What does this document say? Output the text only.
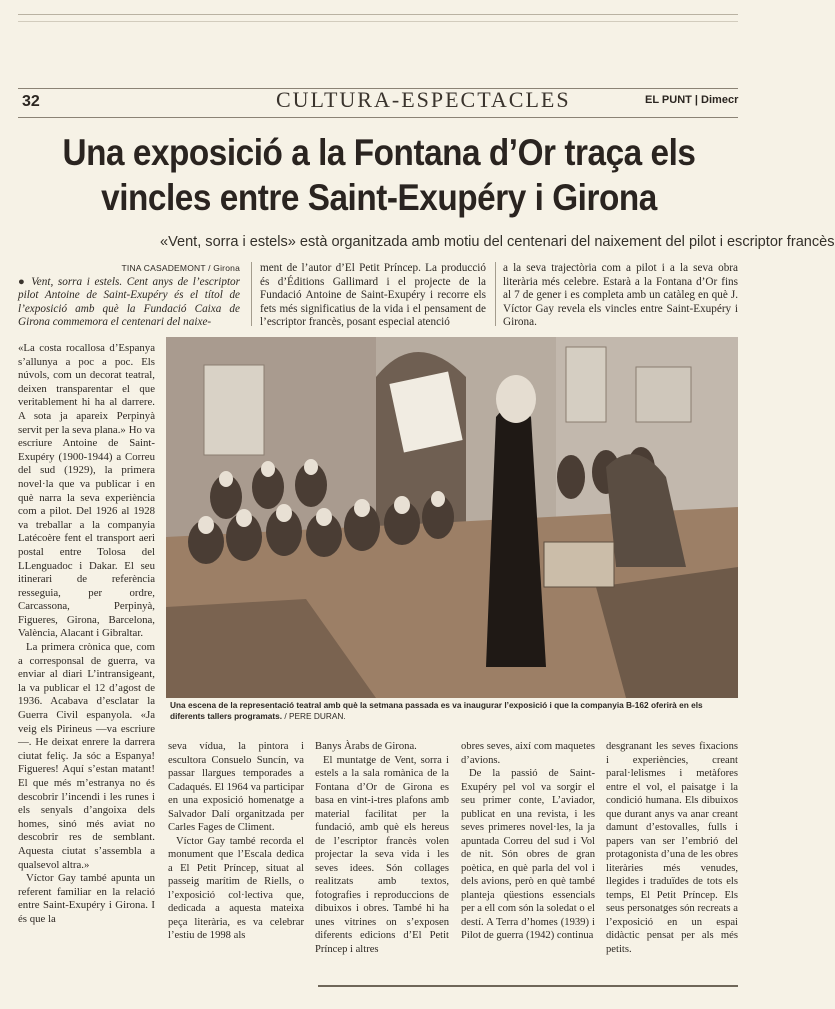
32	CULTURA-ESPECTACLES	EL PUNT | Dimecr
Una exposició a la Fontana d’Or traça els
vincles entre Saint-Exupéry i Girona

«Vent, sorra i estels» està organitzada amb motiu del centenari del naixement del pilot i escriptor francès

TINA CASADEMONT / Girona

● Vent, sorra i estels. Cent anys de l’escriptor pilot Antoine de Saint-Exupéry és el títol de l’exposició amb què la Fundació Caixa de Girona commemora el centenari del naixe-

ment de l’autor d’El Petit Príncep. La producció és d’Éditions Gallimard i el projecte de la Fundació Antoine de Saint-Exupéry i recorre els fets més significatius de la vida i el pensament de l’escriptor francès, posant especial atenció

a la seva trajectòria com a pilot i a la seva obra literària més celebre. Estarà a la Fontana d’Or fins al 7 de gener i es completa amb un catàleg en què J. Víctor Gay revela els vincles entre Saint-Exupéry i Girona.

«La costa rocallosa d’Espanya s’allunya a poc a poc. Els núvols, com un decorat teatral, deixen transparentar el que veritablement hi ha al darrere. A sota ja apareix Perpinyà servit per la seva plana.» Ho va escriure Antoine de Saint-Exupéry (1900-1944) a Correu del sud (1929), la primera novel·la que va publicar i en què narra la seva experiència com a pilot. Del 1926 al 1928 va treballar a la companyia Latécoère fent el transport aeri postal entre Tolosa del LLenguadoc i Dakar. El seu itinerari de referència resseguia, per ordre, Carcassona, Perpinyà, Figueres, Girona, Barcelona, València, Alacant i Gibraltar.

La primera crònica que, com a corresponsal de guerra, va enviar al diari L’intransigeant, la va publicar el 12 d’agost de 1936. Acabava d’esclatar la Guerra Civil espanyola. «Ja veig els Pirineus —va escriure—. He deixat enrere la darrera ciutat feliç. Ja sóc a Espanya! Figueres! Aquí s’estan matant! El que més m’estranya no és descobrir l’incendi i les runes i els senyals d’angoixa dels homes, sinó més aviat no descobrir res de semblant. Aquesta ciutat s’assembla a qualsevol altra.»

Víctor Gay també apunta un referent familiar en la relació entre Saint-Exupéry i Girona. I és que la

Una escena de la representació teatral amb què la setmana passada es va inaugurar l’exposició i que la companyia B-162 oferirà en els diferents tallers programats. / PERE DURAN.

seva vídua, la pintora i escultora Consuelo Suncín, va passar llargues temporades a Cadaqués. El 1964 va participar en una exposició homenatge a Salvador Dalí organitzada per Carles Fages de Climent.

Víctor Gay també recorda el monument que l’Escala dedica a El Petit Príncep, situat al passeig marítim de Riells, o l’exposició col·lectiva que, dedicada a aquesta mateixa peça literària, es va celebrar l’estiu de 1998 als

Banys Àrabs de Girona.

El muntatge de Vent, sorra i estels a la sala romànica de la Fontana d’Or de Girona es basa en vint-i-tres plafons amb material facilitat per la fundació, amb què els hereus de l’escriptor francès volen projectar la seva vida i les seves idees. Són collages realitzats amb textos, fotografies i reproduccions de dibuixos i obres. També hi ha unes vitrines on s’exposen diferents edicions d’El Petit Príncep i altres

obres seves, així com maquetes d’avions.

De la passió de Saint-Exupéry pel vol va sorgir el seu primer conte, L’aviador, publicat en una revista, i les seves primeres novel·les, la ja apuntada Correu del sud i Vol de nit. Són obres de gran poètica, en què parla del vol i dels avions, però en què també planteja qüestions essencials per a ell com són la soledat o el destí. A Terra d’homes (1939) i Pilot de guerra (1942) continua

desgranant les seves fixacions i experiències, creant paral·lelismes i metàfores entre el vol, el paisatge i la condició humana. Els dibuixos que durant anys va anar creant damunt d’estovalles, fulls i papers van ser l’embrió del protagonista d’una de les obres literàries més venudes, llegides i traduïdes de tots els temps, El Petit Príncep. Els seus personatges són recreats a l’exposició en un espai didàctic pensat per als més petits.
